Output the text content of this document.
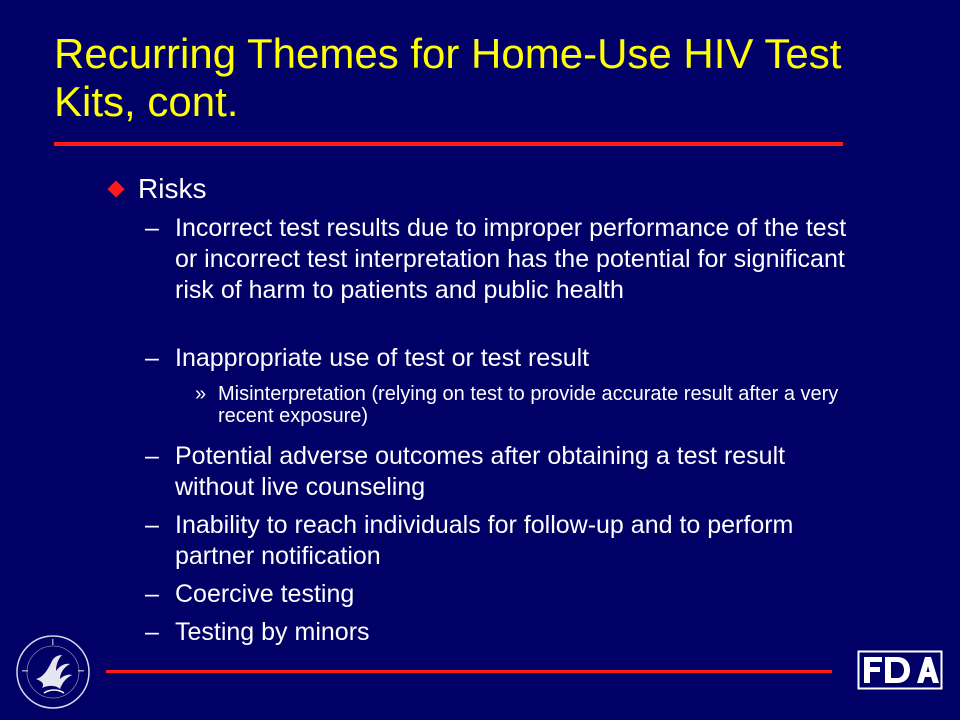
Recurring Themes for Home-Use HIV Test Kits, cont.
Risks
– Incorrect test results due to improper performance of the test or incorrect test interpretation has the potential for significant risk of harm to patients and public health
– Inappropriate use of test or test result
» Misinterpretation (relying on test to provide accurate result after a very recent exposure)
– Potential adverse outcomes after obtaining a test result without live counseling
– Inability to reach individuals for follow-up and to perform partner notification
– Coercive testing
– Testing by minors
